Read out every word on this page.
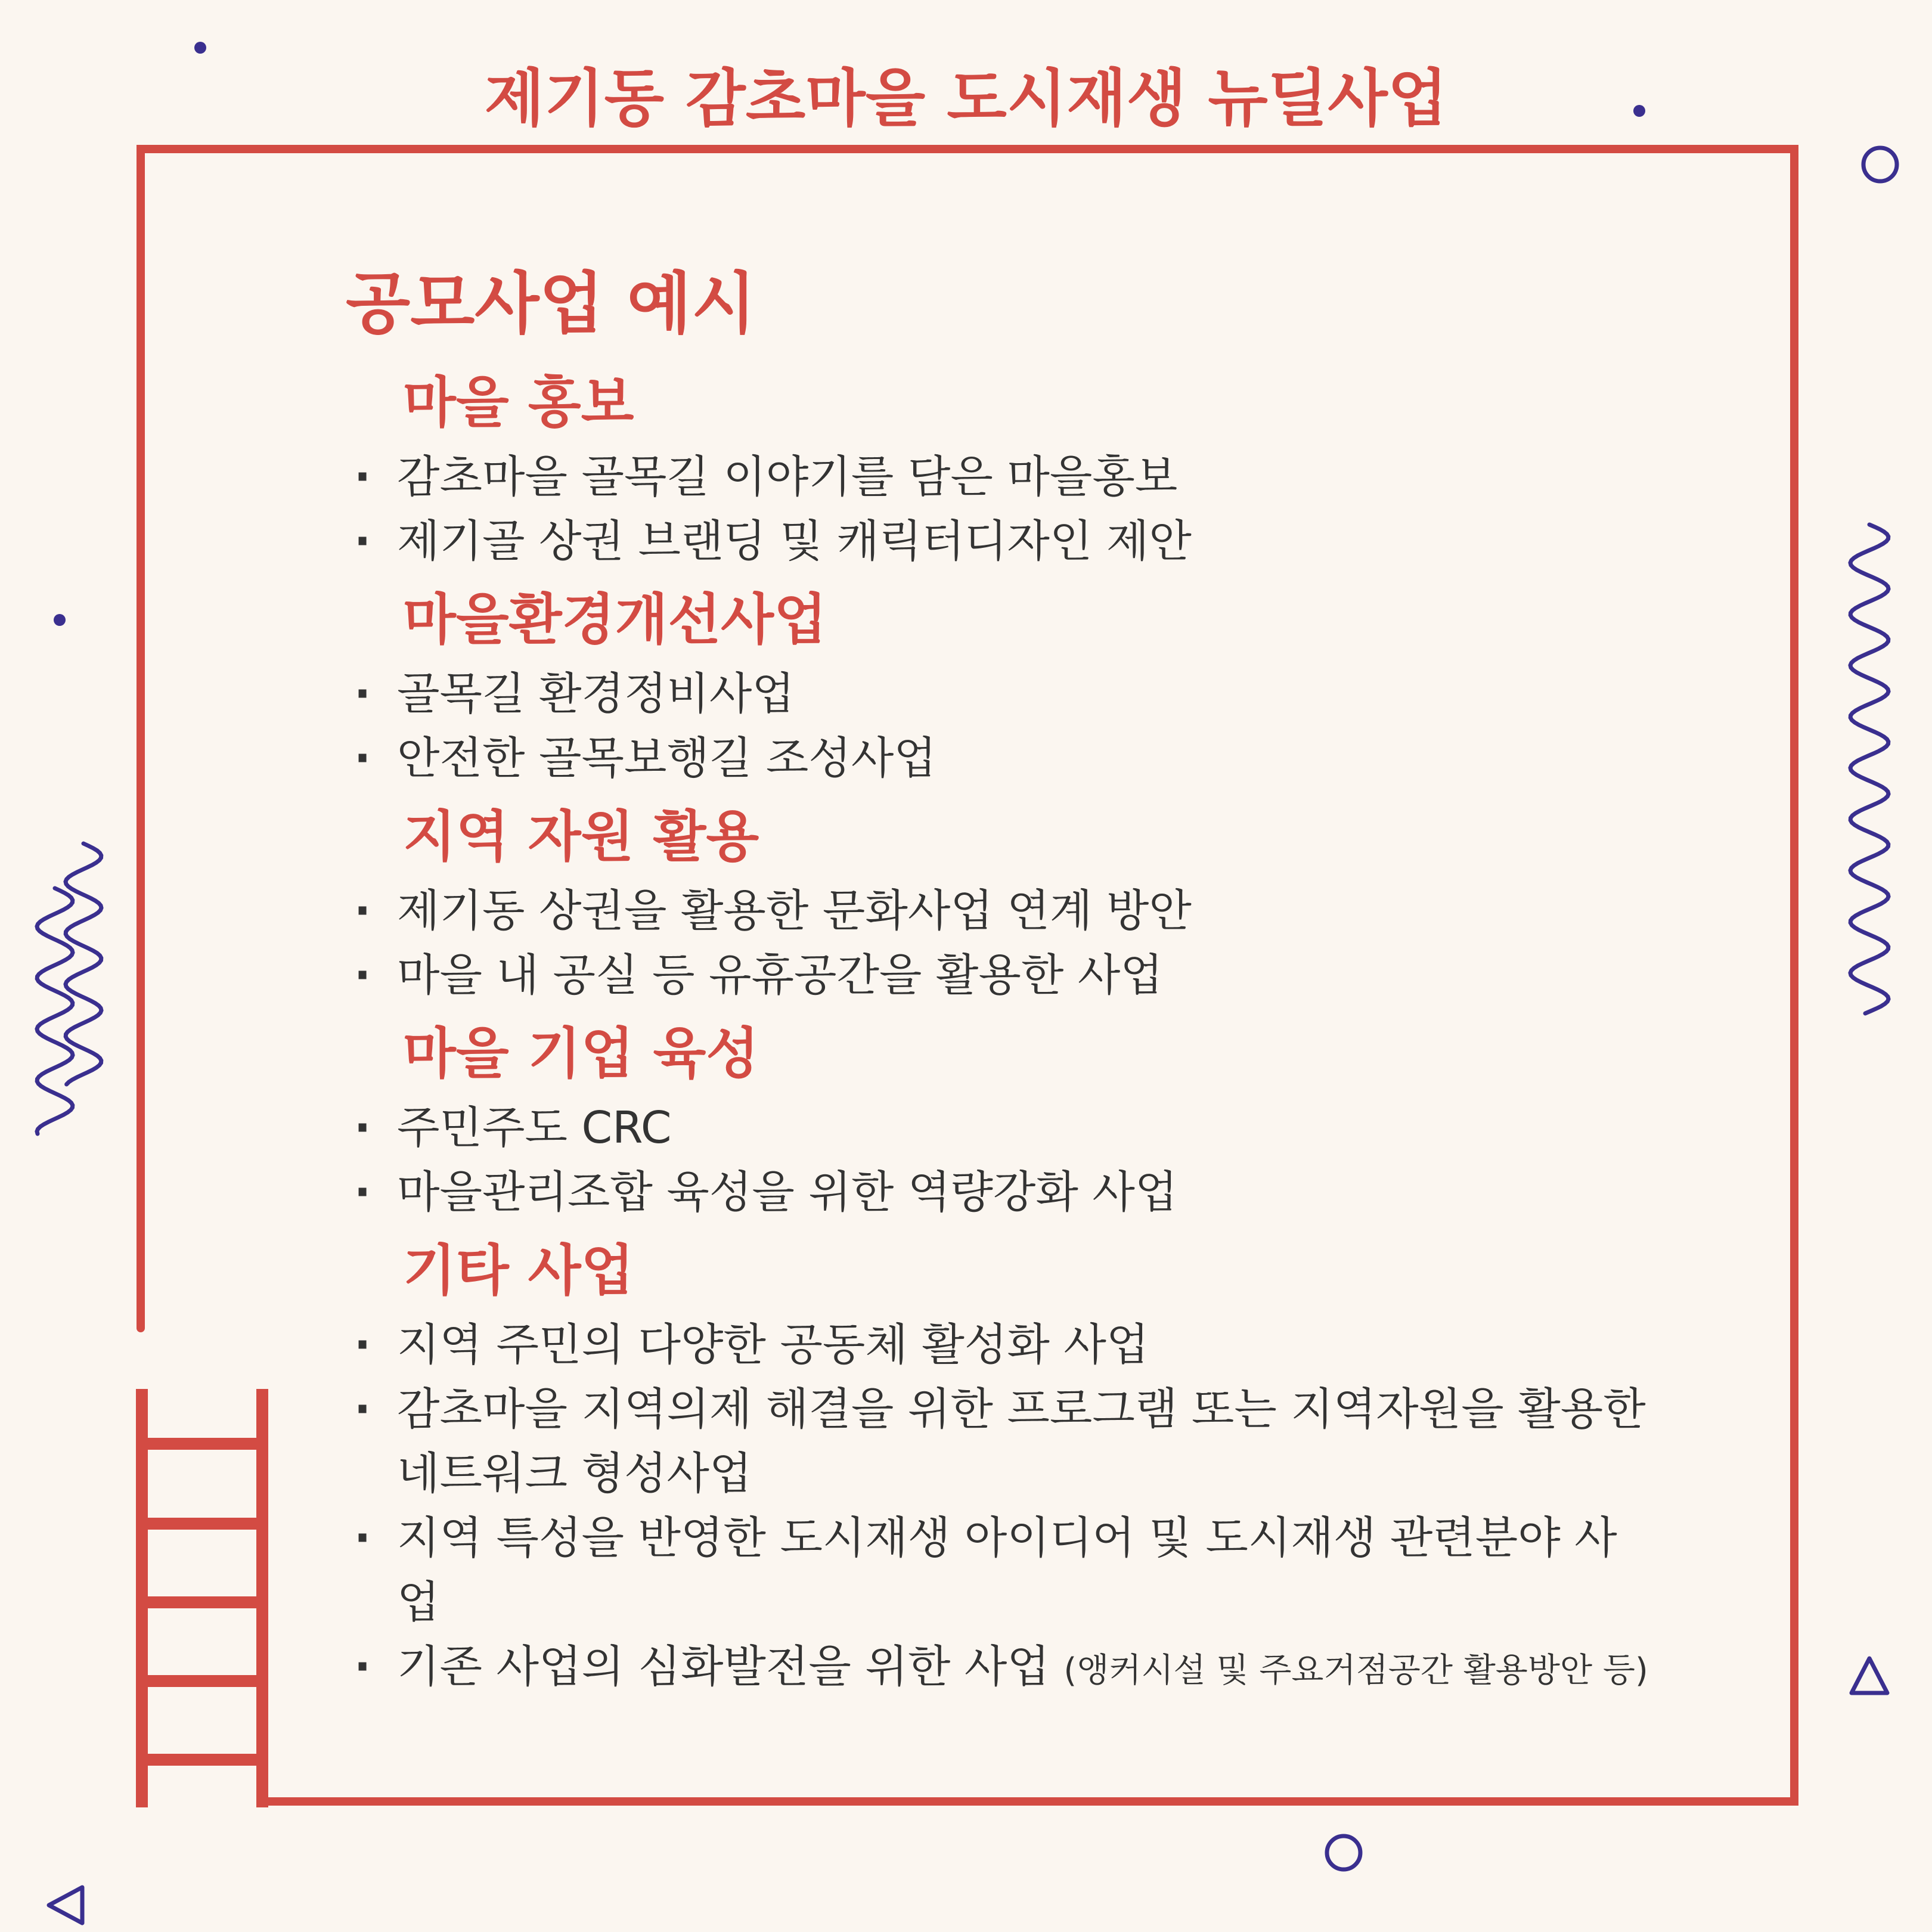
제기동 감초마을 도시재생 뉴딜사업
공모사업 예시
마을 홍보
· 감초마을 골목길 이야기를 담은 마을홍보
· 제기골 상권 브랜딩 및 캐릭터디자인 제안
마을환경개선사업
· 골목길 환경정비사업
· 안전한 골목보행길 조성사업
지역 자원 활용
· 제기동 상권을 활용한 문화사업 연계 방안
· 마을 내 공실 등 유휴공간을 활용한 사업
마을 기업 육성
· 주민주도 CRC
· 마을관리조합 육성을 위한 역량강화 사업
기타 사업
· 지역 주민의 다양한 공동체 활성화 사업
· 감초마을 지역의제 해결을 위한 프로그램 또는 지역자원을 활용한
네트워크 형성사업
· 지역 특성을 반영한 도시재생 아이디어 및 도시재생 관련분야 사업
· 기존 사업의 심화발전을 위한 사업 (앵커시설 및 주요거점공간 활용방안 등)
